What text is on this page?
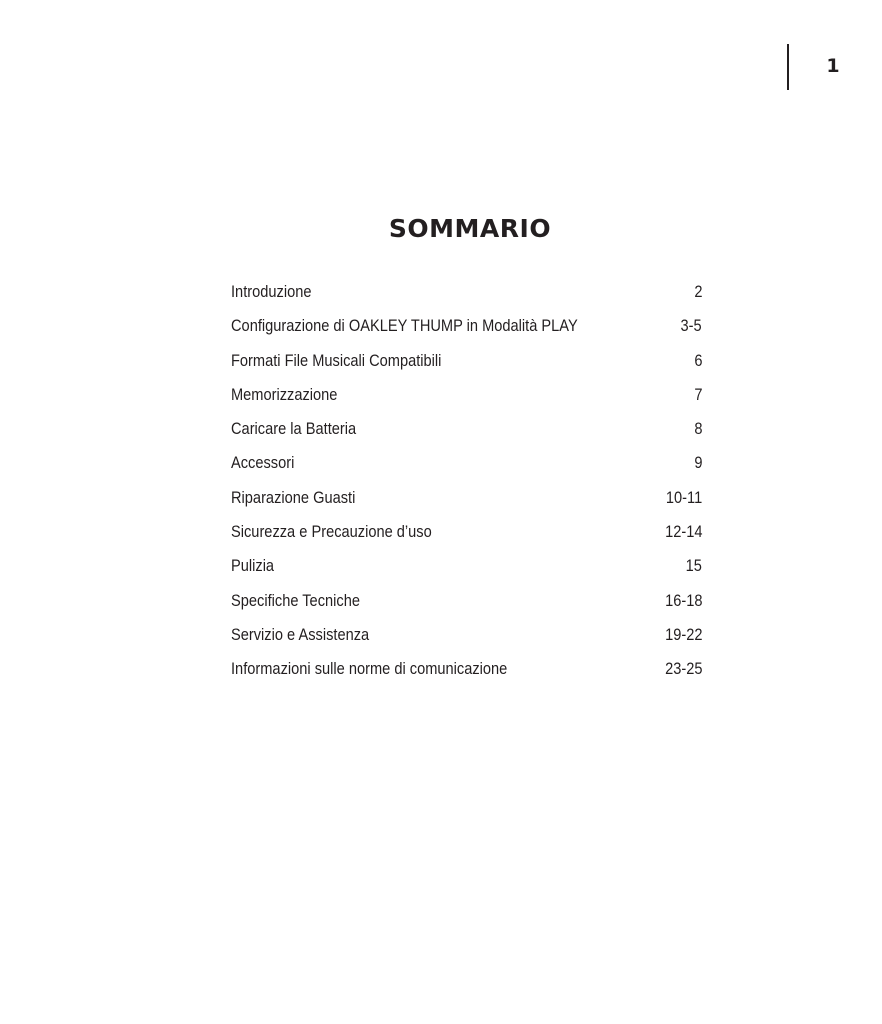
1
SOMMARIO
Introduzione	2
Configurazione di OAKLEY THUMP in Modalità PLAY	3-5
Formati File Musicali Compatibili	6
Memorizzazione	7
Caricare la Batteria	8
Accessori	9
Riparazione Guasti	10-11
Sicurezza e Precauzione d’uso	12-14
Pulizia	15
Specifiche Tecniche	16-18
Servizio e Assistenza	19-22
Informazioni sulle norme di comunicazione	23-25
